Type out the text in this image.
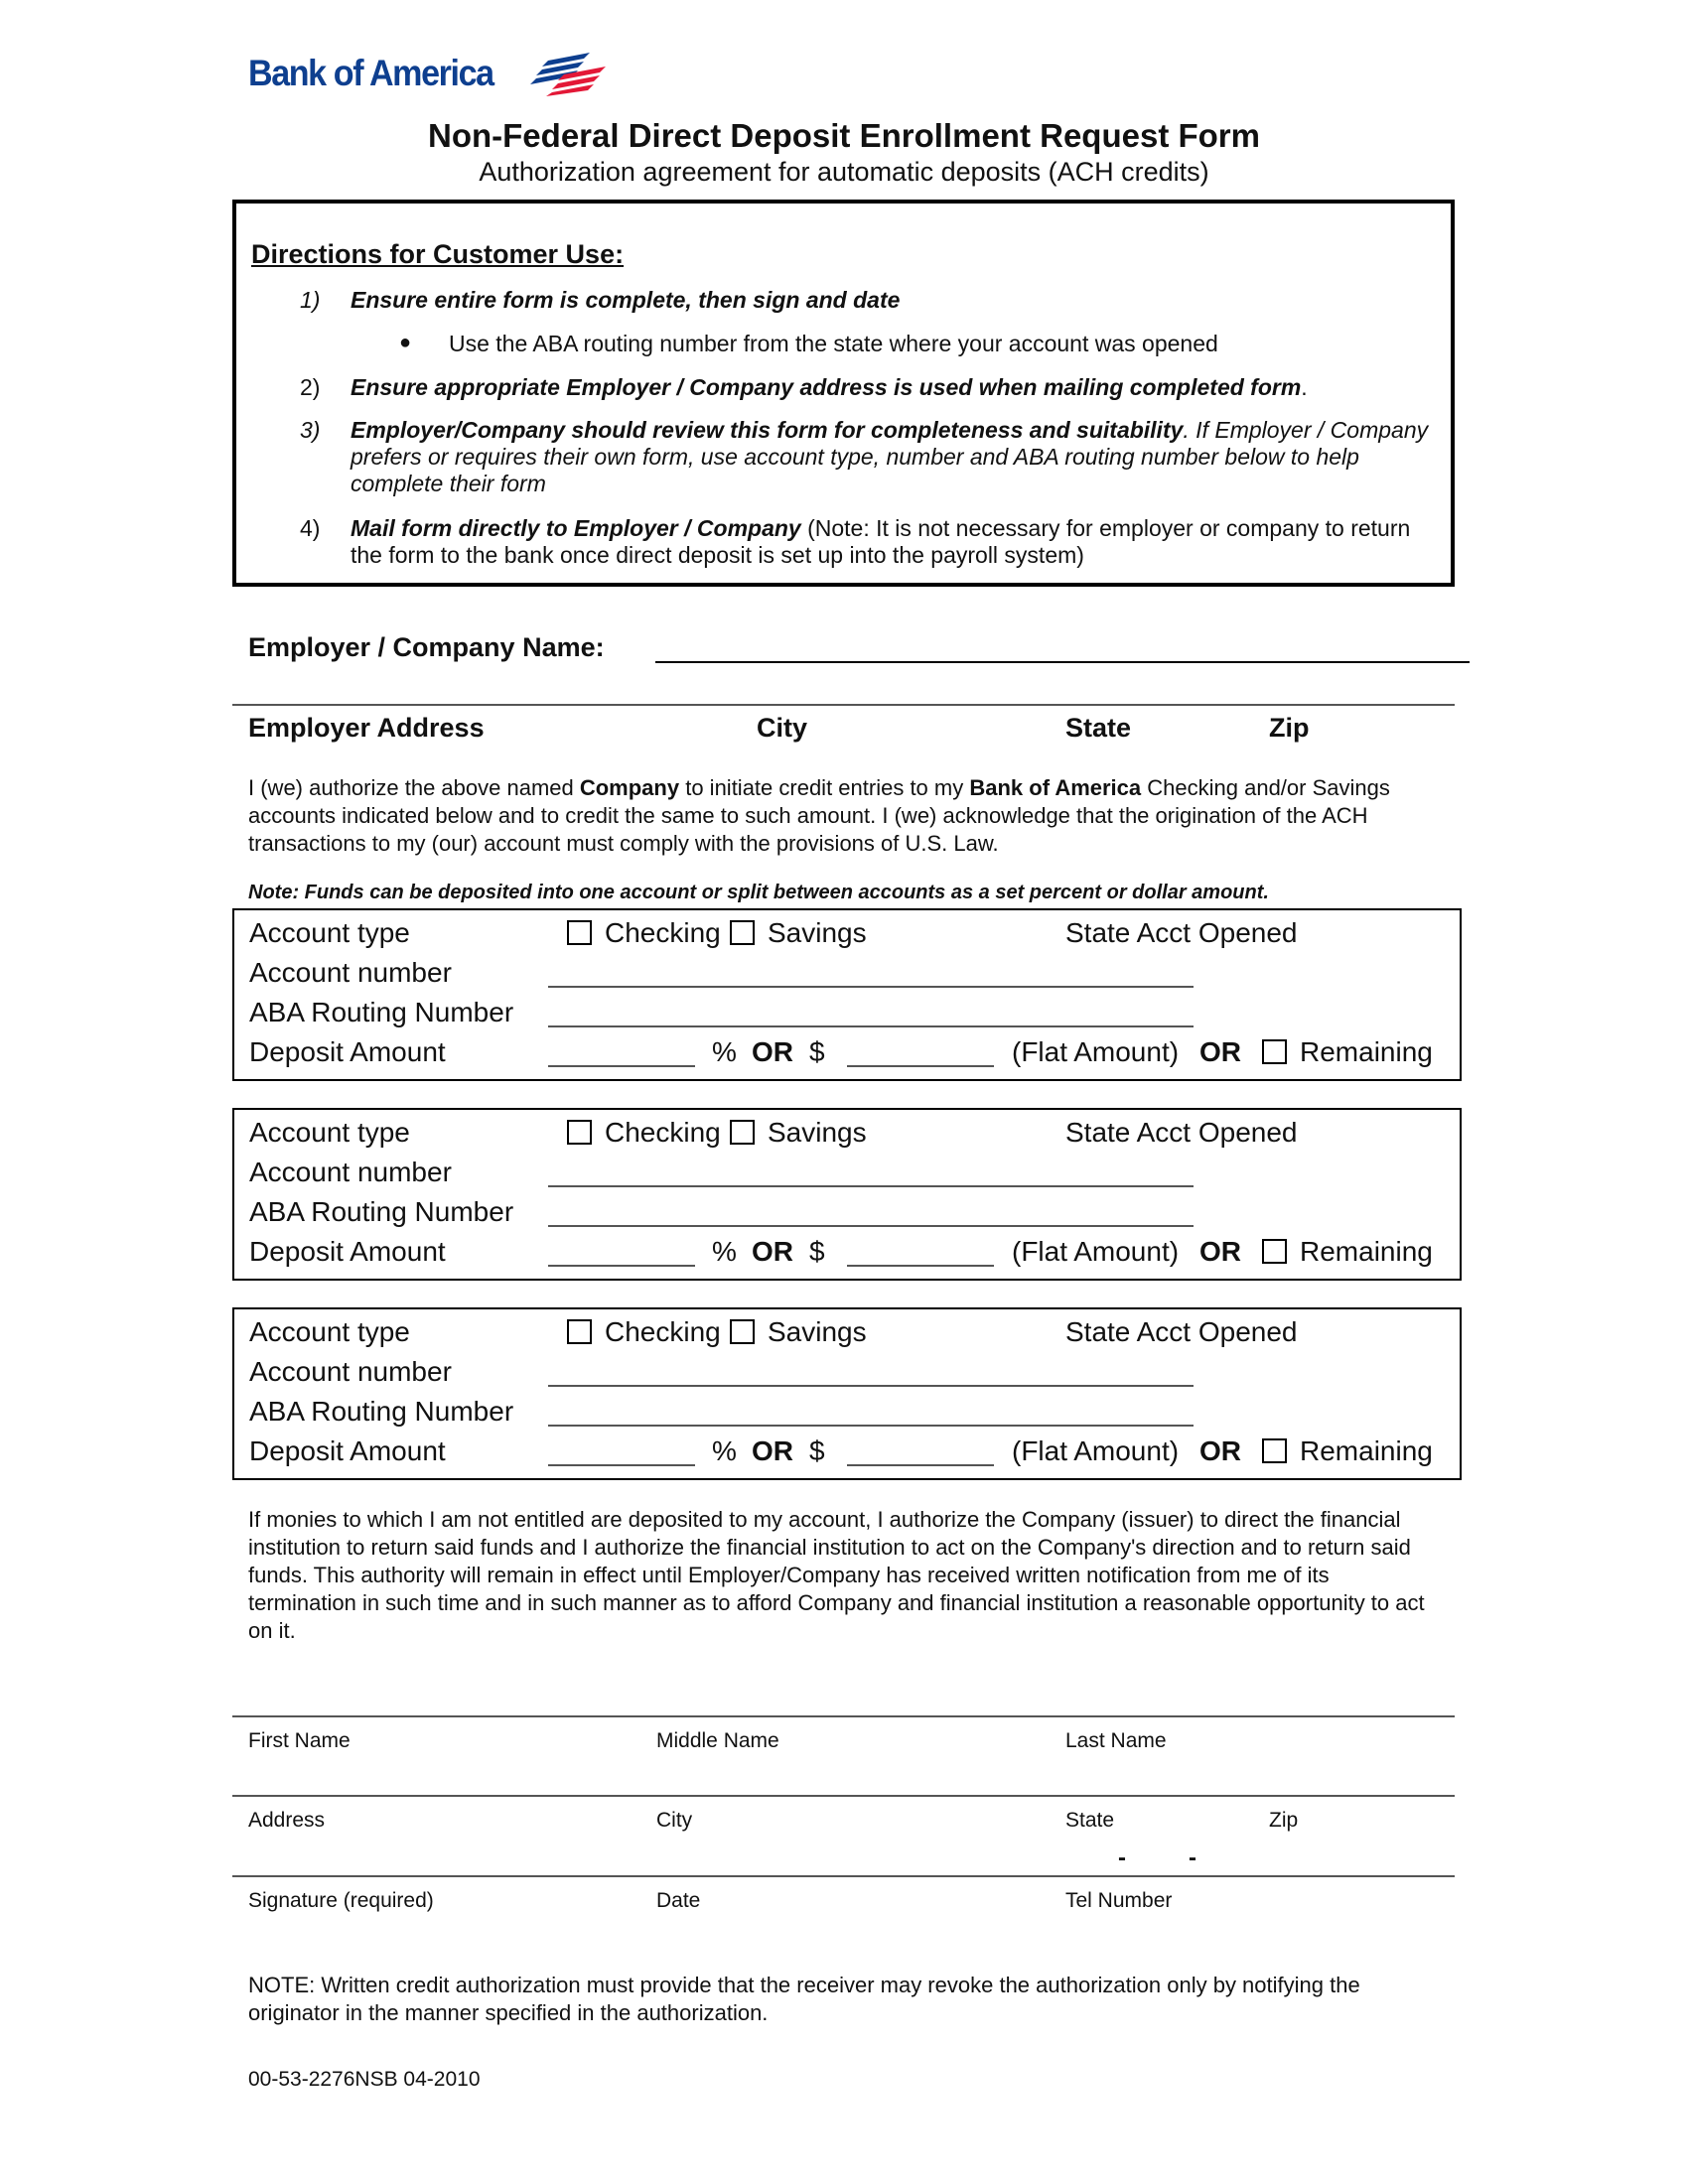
Bank of America
Non-Federal Direct Deposit Enrollment Request Form
Authorization agreement for automatic deposits (ACH credits)
Directions for Customer Use:
1) Ensure entire form is complete, then sign and date
● Use the ABA routing number from the state where your account was opened
2) Ensure appropriate Employer / Company address is used when mailing completed form.
3) Employer/Company should review this form for completeness and suitability. If Employer / Company prefers or requires their own form, use account type, number and ABA routing number below to help complete their form
4) Mail form directly to Employer / Company (Note: It is not necessary for employer or company to return the form to the bank once direct deposit is set up into the payroll system)
Employer / Company Name:
Employer Address	City	State	Zip
I (we) authorize the above named Company to initiate credit entries to my Bank of America Checking and/or Savings accounts indicated below and to credit the same to such amount. I (we) acknowledge that the origination of the ACH transactions to my (our) account must comply with the provisions of U.S. Law.
Note: Funds can be deposited into one account or split between accounts as a set percent or dollar amount.
Account type	Checking Savings	State Acct Opened
Account number
ABA Routing Number
Deposit Amount	% OR $	(Flat Amount) OR Remaining
Account type	Checking Savings	State Acct Opened
Account number
ABA Routing Number
Deposit Amount	% OR $	(Flat Amount) OR Remaining
Account type	Checking Savings	State Acct Opened
Account number
ABA Routing Number
Deposit Amount	% OR $	(Flat Amount) OR Remaining
If monies to which I am not entitled are deposited to my account, I authorize the Company (issuer) to direct the financial institution to return said funds and I authorize the financial institution to act on the Company's direction and to return said funds. This authority will remain in effect until Employer/Company has received written notification from me of its termination in such time and in such manner as to afford Company and financial institution a reasonable opportunity to act on it.
First Name	Middle Name	Last Name
Address	City	State	Zip
-	-
Signature (required)	Date	Tel Number
NOTE: Written credit authorization must provide that the receiver may revoke the authorization only by notifying the originator in the manner specified in the authorization.
00-53-2276NSB 04-2010
